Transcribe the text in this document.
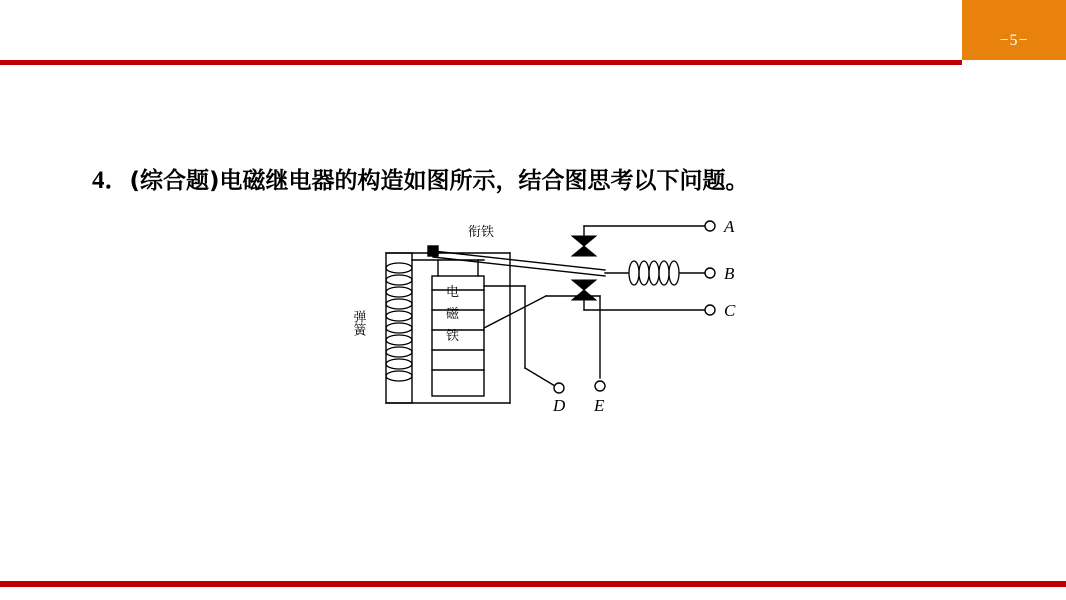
−5−
4．(综合题)电磁继电器的构造如图所示，结合图思考以下问题。
衔铁
弹簧
电
磁
铁
A
B
C
D E
